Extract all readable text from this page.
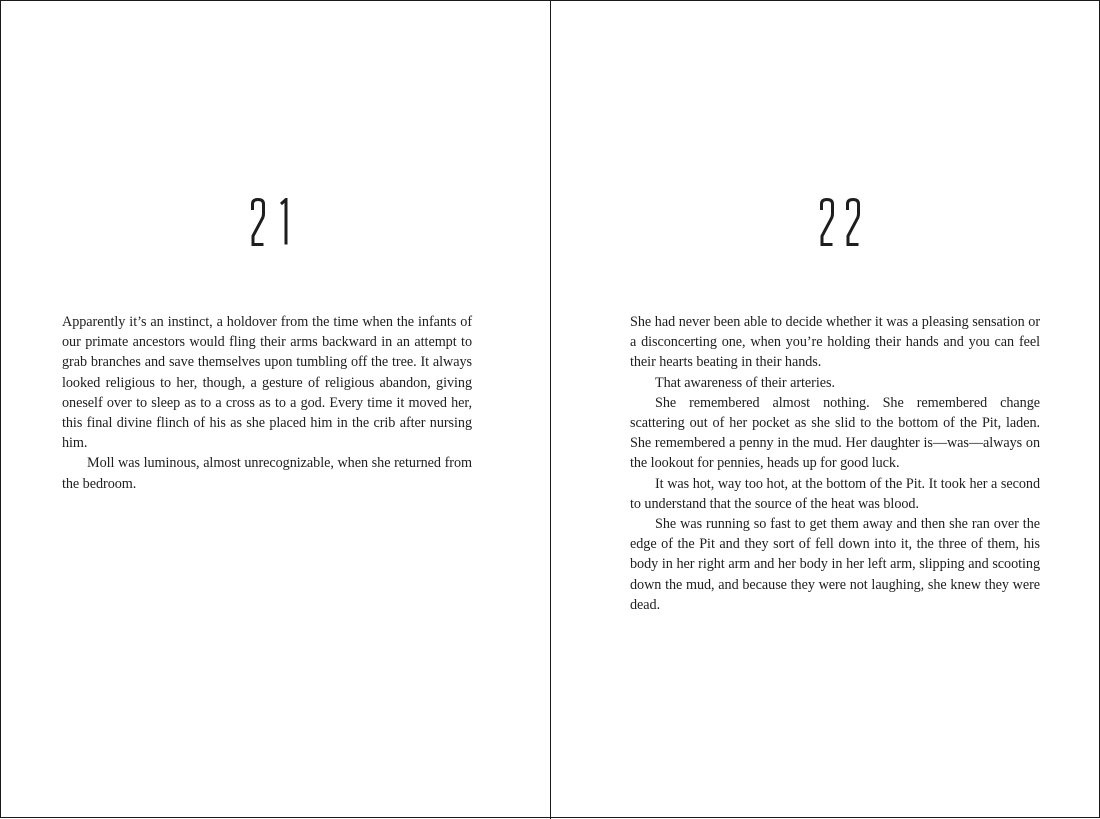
Apparently it’s an instinct, a holdover from the time when the infants of our primate ancestors would fling their arms backward in an attempt to grab branches and save themselves upon tumbling off the tree. It always looked religious to her, though, a gesture of religious abandon, giving oneself over to sleep as to a cross as to a god. Every time it moved her, this final divine flinch of his as she placed him in the crib after nursing him.

Moll was luminous, almost unrecognizable, when she returned from the bedroom.

She had never been able to decide whether it was a pleasing sensation or a disconcerting one, when you’re holding their hands and you can feel their hearts beating in their hands.

That awareness of their arteries.

She remembered almost nothing. She remembered change scattering out of her pocket as she slid to the bottom of the Pit, laden. She remembered a penny in the mud. Her daughter is—was—always on the lookout for pennies, heads up for good luck.

It was hot, way too hot, at the bottom of the Pit. It took her a second to understand that the source of the heat was blood.

She was running so fast to get them away and then she ran over the edge of the Pit and they sort of fell down into it, the three of them, his body in her right arm and her body in her left arm, slipping and scooting down the mud, and because they were not laughing, she knew they were dead.
